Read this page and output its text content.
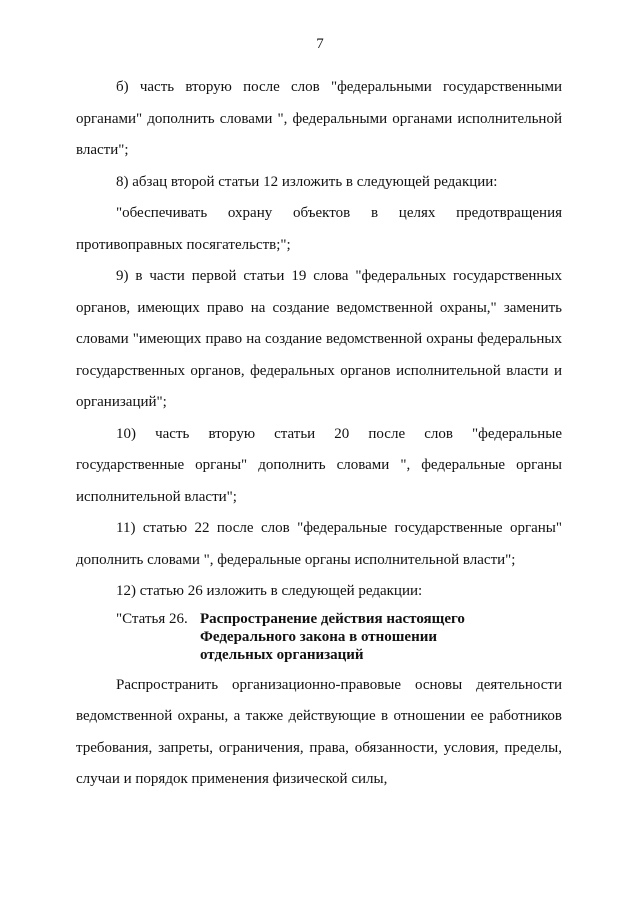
7

б) часть вторую после слов "федеральными государственными органами" дополнить словами ", федеральными органами исполнительной власти";

8) абзац второй статьи 12 изложить в следующей редакции:

"обеспечивать охрану объектов в целях предотвращения противоправных посягательств;";

9) в части первой статьи 19 слова "федеральных государственных органов, имеющих право на создание ведомственной охраны," заменить словами "имеющих право на создание ведомственной охраны федеральных государственных органов, федеральных органов исполнительной власти и организаций";

10) часть вторую статьи 20 после слов "федеральные государственные органы" дополнить словами ", федеральные органы исполнительной власти";

11) статью 22 после слов "федеральные государственные органы" дополнить словами ", федеральные органы исполнительной власти";

12) статью 26 изложить в следующей редакции:

"Статья 26. Распространение действия настоящего
Федерального закона в отношении
отдельных организаций

Распространить организационно-правовые основы деятельности ведомственной охраны, а также действующие в отношении ее работников требования, запреты, ограничения, права, обязанности, условия, пределы, случаи и порядок применения физической силы,
